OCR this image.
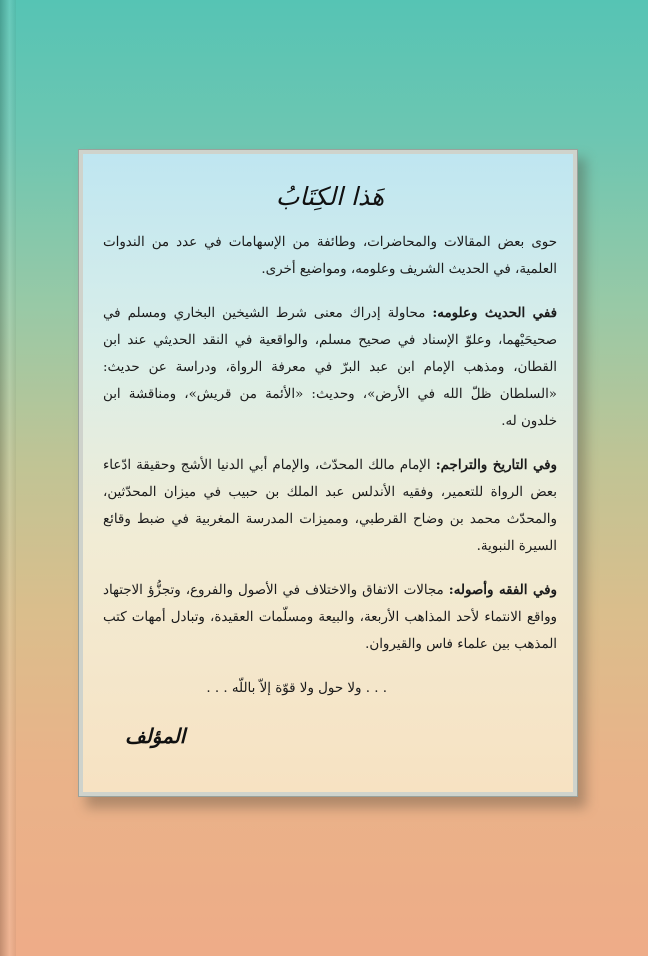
هَذا الكِتَابُ

حوى بعض المقالات والمحاضرات، وطائفة من الإسهامات في عدد من الندوات العلمية، في الحديث الشريف وعلومه، ومواضيع أخرى.

ففي الحديث وعلومه: محاولة إدراك معنى شرط الشيخين البخاري ومسلم في صحيحَيْهما، وعلوّ الإسناد في صحيح مسلم، والواقعية في النقد الحديثي عند ابن القطان، ومذهب الإمام ابن عبد البرّ في معرفة الرواة، ودراسة عن حديث: «السلطان ظلّ الله في الأرض»، وحديث: «الأئمة من قريش»، ومناقشة ابن خلدون له.

وفي التاريخ والتراجم: الإمام مالك المحدّث، والإمام أبي الدنيا الأشج وحقيقة ادّعاء بعض الرواة للتعمير، وفقيه الأندلس عبد الملك بن حبيب في ميزان المحدّثين، والمحدّث محمد بن وضاح القرطبي، ومميزات المدرسة المغربية في ضبط وقائع السيرة النبوية.

وفي الفقه وأصوله: مجالات الاتفاق والاختلاف في الأصول والفروع، وتجزُّؤ الاجتهاد وواقع الانتماء لأحد المذاهب الأربعة، والبيعة ومسلّمات العقيدة، وتبادل أمهات كتب المذهب بين علماء فاس والقيروان.

. . . ولا حول ولا قوّة إلاّ باللّه . . .

المؤلف
